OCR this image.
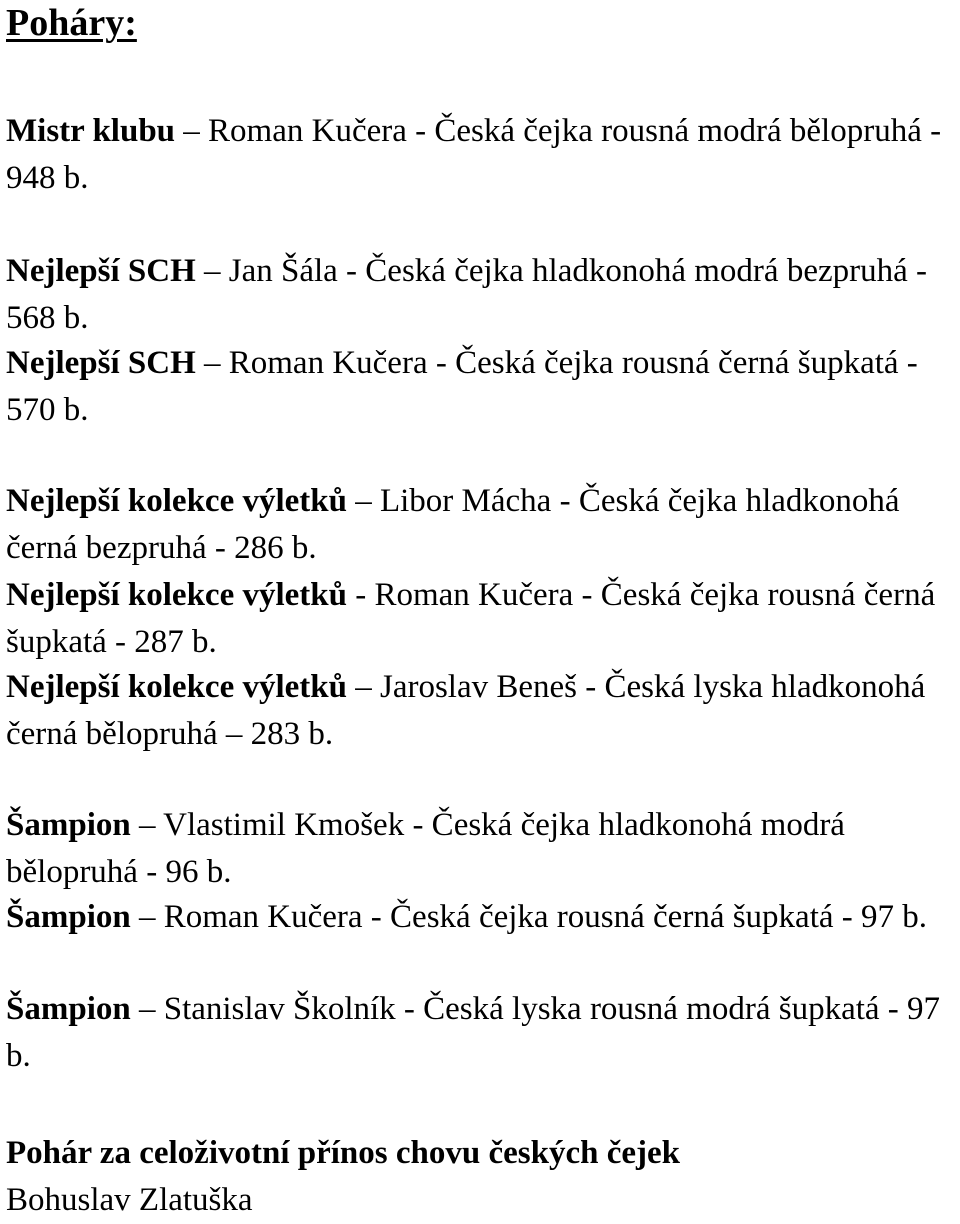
Poháry:

Mistr klubu – Roman Kučera - Česká čejka rousná modrá bělopruhá - 948 b.

Nejlepší SCH – Jan Šála - Česká čejka hladkonohá modrá bezpruhá - 568 b.

Nejlepší SCH – Roman Kučera - Česká čejka rousná černá šupkatá - 570 b.

Nejlepší kolekce výletků – Libor Mácha - Česká čejka hladkonohá černá bezpruhá - 286 b.

Nejlepší kolekce výletků - Roman Kučera - Česká čejka rousná černá šupkatá - 287 b.

Nejlepší kolekce výletků – Jaroslav Beneš - Česká lyska hladkonohá černá bělopruhá – 283 b.

Šampion – Vlastimil Kmošek - Česká čejka hladkonohá modrá bělopruhá - 96 b.

Šampion – Roman Kučera - Česká čejka rousná černá šupkatá - 97 b.

Šampion – Stanislav Školník - Česká lyska rousná modrá šupkatá - 97 b.

Pohár za celoživotní přínos chovu českých čejek
Bohuslav Zlatuška
